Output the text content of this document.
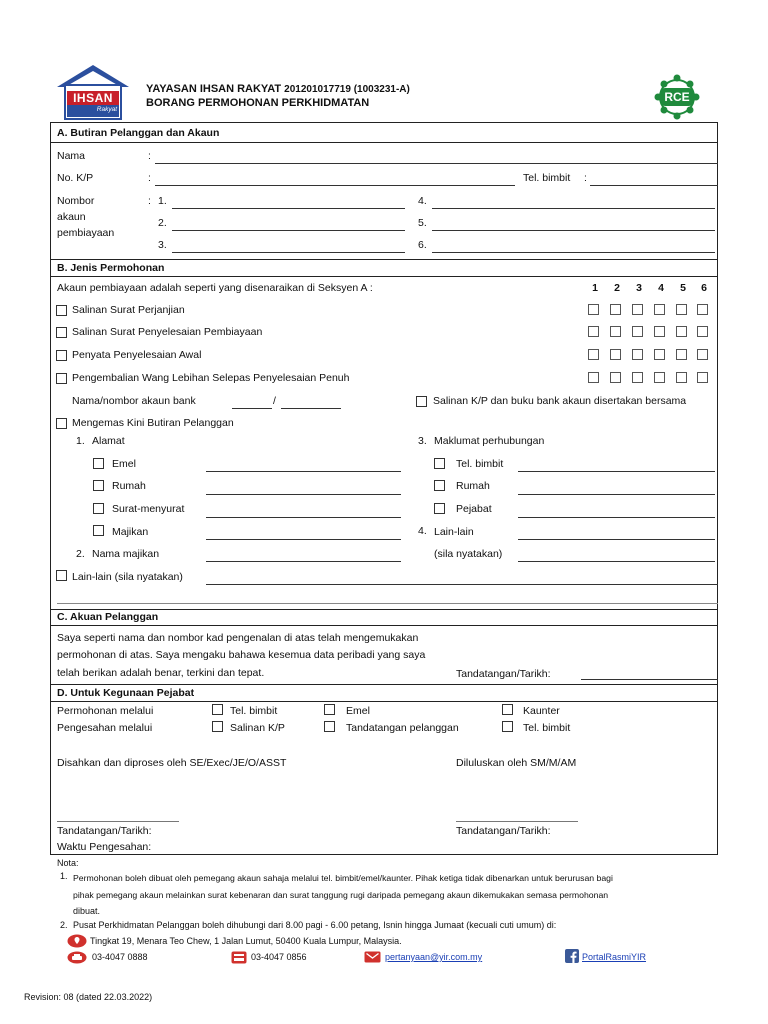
IHSAN
Rakyat
YAYASAN IHSAN RAKYAT 201201017719 (1003231-A)
BORANG PERMOHONAN PERKHIDMATAN	RCE
A. Butiran Pelanggan dan Akaun
Nama	:
No. K/P	:	Tel. bimbit :
Nombor	:
akaun
pembiayaan
1.
2.
3.
4.
5.
6.
B. Jenis Permohonan
Akaun pembiayaan adalah seperti yang disenaraikan di Seksyen A :	1 2 3 4 5 6
Salinan Surat Perjanjian
Salinan Surat Penyelesaian Pembiayaan
Penyata Penyelesaian Awal
Pengembalian Wang Lebihan Selepas Penyelesaian Penuh
Nama/nombor akaun bank	/	Salinan K/P dan buku bank akaun disertakan bersama
Mengemas Kini Butiran Pelanggan
1. Alamat
Emel
Rumah
Surat-menyurat
Majikan
2. Nama majikan
3. Maklumat perhubungan
Tel. bimbit
Rumah
Pejabat
4. Lain-lain
(sila nyatakan)
Lain-lain (sila nyatakan)
C. Akuan Pelanggan
Saya seperti nama dan nombor kad pengenalan di atas telah mengemukakan
permohonan di atas. Saya mengaku bahawa kesemua data peribadi yang saya
telah berikan adalah benar, terkini dan tepat.	Tandatangan/Tarikh:
D. Untuk Kegunaan Pejabat
Permohonan melalui	Tel. bimbit	Emel	Kaunter
Pengesahan melalui	Salinan K/P	Tandatangan pelanggan	Tel. bimbit
Disahkan dan diproses oleh SE/Exec/JE/O/ASST	Diluluskan oleh SM/M/AM
Tandatangan/Tarikh:	Tandatangan/Tarikh:
Waktu Pengesahan:
Nota:
1. Permohonan boleh dibuat oleh pemegang akaun sahaja melalui tel. bimbit/emel/kaunter. Pihak ketiga tidak dibenarkan untuk berurusan bagi
pihak pemegang akaun melainkan surat kebenaran dan surat tanggung rugi daripada pemegang akaun dikemukakan semasa permohonan
dibuat.
2. Pusat Perkhidmatan Pelanggan boleh dihubungi dari 8.00 pagi - 6.00 petang, Isnin hingga Jumaat (kecuali cuti umum) di:
Tingkat 19, Menara Teo Chew, 1 Jalan Lumut, 50400 Kuala Lumpur, Malaysia.
03-4047 0888	03-4047 0856	pertanyaan@yir.com.my	PortalRasmiYIR
Revision: 08 (dated 22.03.2022)
